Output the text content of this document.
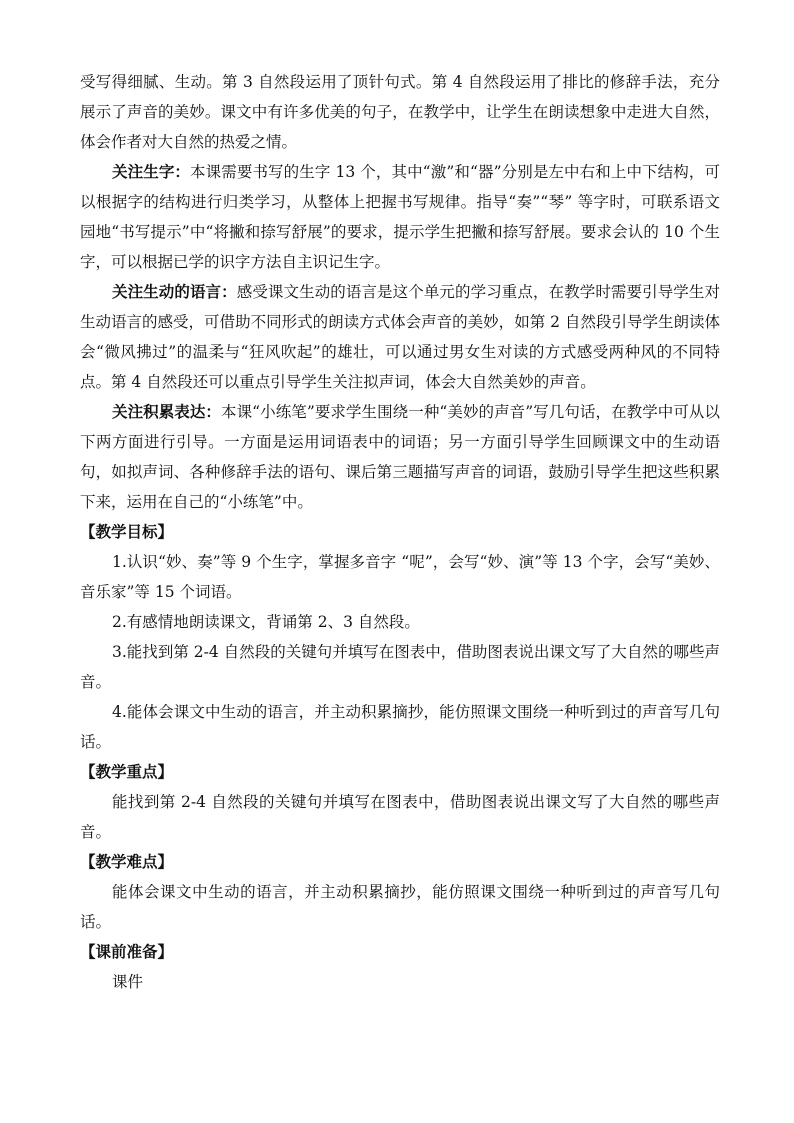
受写得细腻、生动。第 3 自然段运用了顶针句式。第 4 自然段运用了排比的修辞手法，充分展示了声音的美妙。课文中有许多优美的句子，在教学中，让学生在朗读想象中走进大自然，体会作者对大自然的热爱之情。

关注生字：本课需要书写的生字 13 个，其中“激”和“器”分别是左中右和上中下结构，可以根据字的结构进行归类学习，从整体上把握书写规律。指导“奏”“琴” 等字时，可联系语文园地“书写提示”中“将撇和捺写舒展”的要求，提示学生把撇和捺写舒展。要求会认的 10 个生字，可以根据已学的识字方法自主识记生字。

关注生动的语言：感受课文生动的语言是这个单元的学习重点，在教学时需要引导学生对生动语言的感受，可借助不同形式的朗读方式体会声音的美妙，如第 2 自然段引导学生朗读体会“微风拂过”的温柔与“狂风吹起”的雄壮，可以通过男女生对读的方式感受两种风的不同特点。第 4 自然段还可以重点引导学生关注拟声词，体会大自然美妙的声音。

关注积累表达：本课“小练笔”要求学生围绕一种“美妙的声音”写几句话，在教学中可从以下两方面进行引导。一方面是运用词语表中的词语；另一方面引导学生回顾课文中的生动语句，如拟声词、各种修辞手法的语句、课后第三题描写声音的词语，鼓励引导学生把这些积累下来，运用在自己的“小练笔”中。

【教学目标】

1.认识“妙、奏”等 9 个生字，掌握多音字 “呢”，会写“妙、演”等 13 个字，会写“美妙、音乐家”等 15 个词语。

2.有感情地朗读课文，背诵第 2、3 自然段。

3.能找到第 2-4 自然段的关键句并填写在图表中，借助图表说出课文写了大自然的哪些声音。

4.能体会课文中生动的语言，并主动积累摘抄，能仿照课文围绕一种听到过的声音写几句话。

【教学重点】

能找到第 2-4 自然段的关键句并填写在图表中，借助图表说出课文写了大自然的哪些声音。

【教学难点】

能体会课文中生动的语言，并主动积累摘抄，能仿照课文围绕一种听到过的声音写几句话。

【课前准备】

课件
